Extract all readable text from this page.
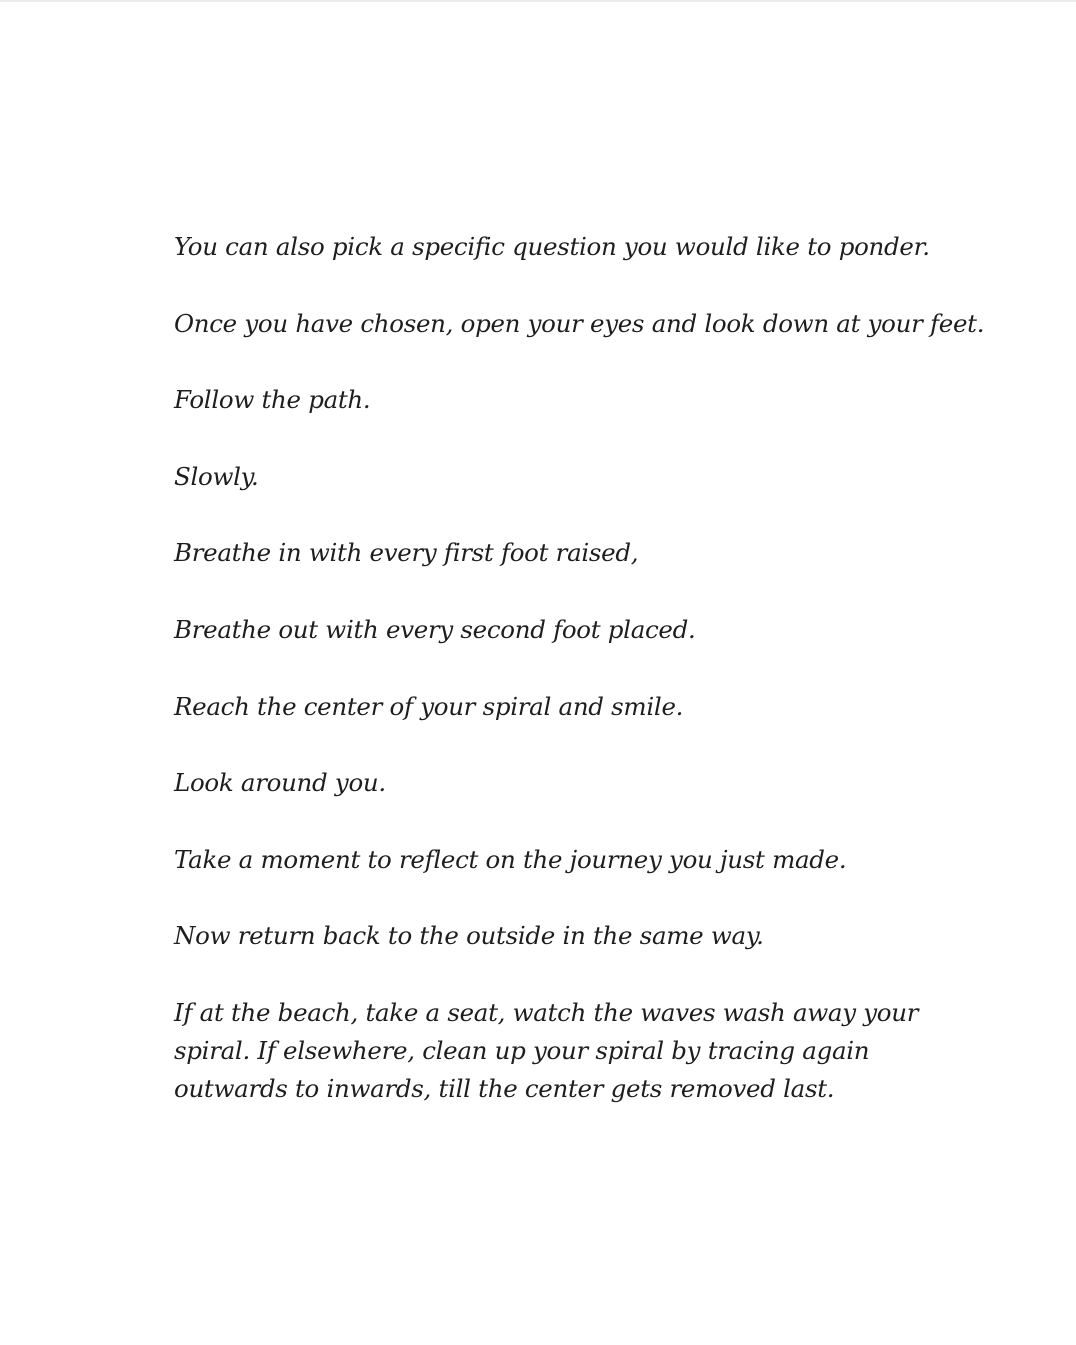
You can also pick a specific question you would like to ponder.

Once you have chosen, open your eyes and look down at your feet.

Follow the path.

Slowly.

Breathe in with every first foot raised,

Breathe out with every second foot placed.

Reach the center of your spiral and smile.

Look around you.

Take a moment to reflect on the journey you just made.

Now return back to the outside in the same way.

If at the beach, take a seat, watch the waves wash away your spiral. If elsewhere, clean up your spiral by tracing again outwards to inwards, till the center gets removed last.
